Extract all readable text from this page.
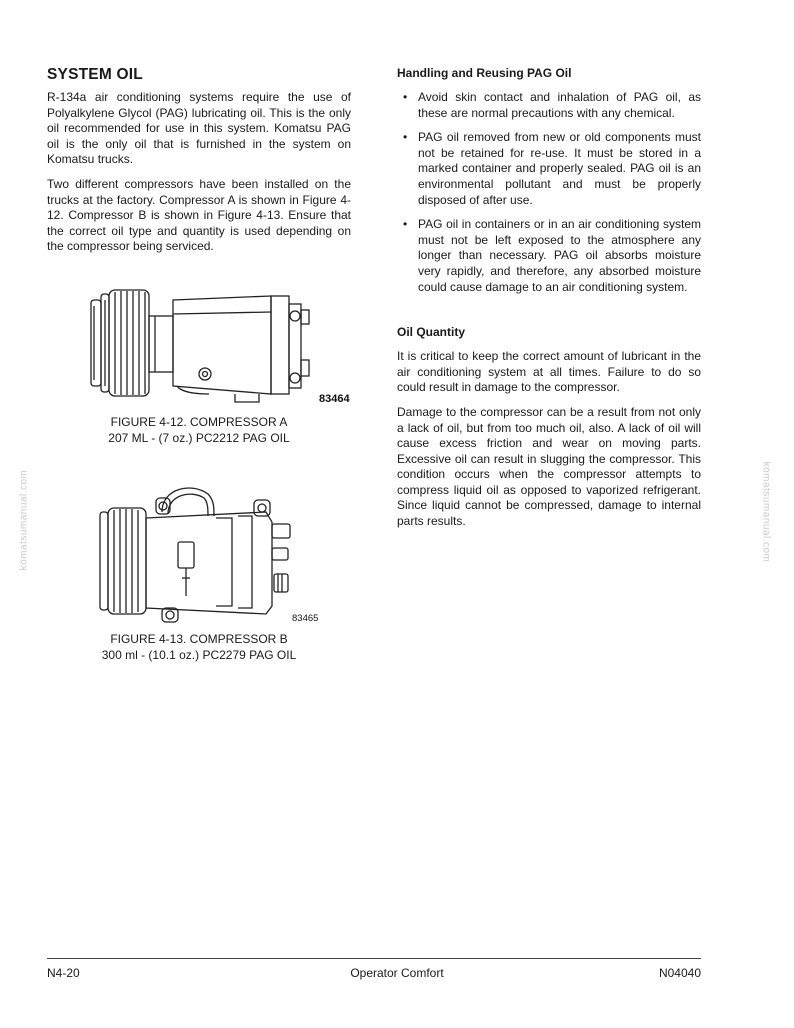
SYSTEM OIL

R-134a air conditioning systems require the use of Polyalkylene Glycol (PAG) lubricating oil. This is the only oil recommended for use in this system. Komatsu PAG oil is the only oil that is furnished in the system on Komatsu trucks.

Two different compressors have been installed on the trucks at the factory. Compressor A is shown in Figure 4-12. Compressor B is shown in Figure 4-13. Ensure that the correct oil type and quantity is used depending on the compressor being serviced.

83464
FIGURE 4-12. COMPRESSOR A
207 ML - (7 oz.) PC2212 PAG OIL
83465
FIGURE 4-13. COMPRESSOR B
300 ml - (10.1 oz.) PC2279 PAG OIL
Handling and Reusing PAG Oil
• Avoid skin contact and inhalation of PAG oil, as these are normal precautions with any chemical.
• PAG oil removed from new or old components must not be retained for re-use. It must be stored in a marked container and properly sealed. PAG oil is an environmental pollutant and must be properly disposed of after use.
• PAG oil in containers or in an air conditioning system must not be left exposed to the atmosphere any longer than necessary. PAG oil absorbs moisture very rapidly, and therefore, any absorbed moisture could cause damage to an air conditioning system.
Oil Quantity

It is critical to keep the correct amount of lubricant in the air conditioning system at all times. Failure to do so could result in damage to the compressor.

Damage to the compressor can be a result from not only a lack of oil, but from too much oil, also. A lack of oil will cause excess friction and wear on moving parts. Excessive oil can result in slugging the compressor. This condition occurs when the compressor attempts to compress liquid oil as opposed to vaporized refrigerant. Since liquid cannot be compressed, damage to internal parts results.

komatsumanual.com	komatsumanual.com
N4-20	Operator Comfort	N04040
